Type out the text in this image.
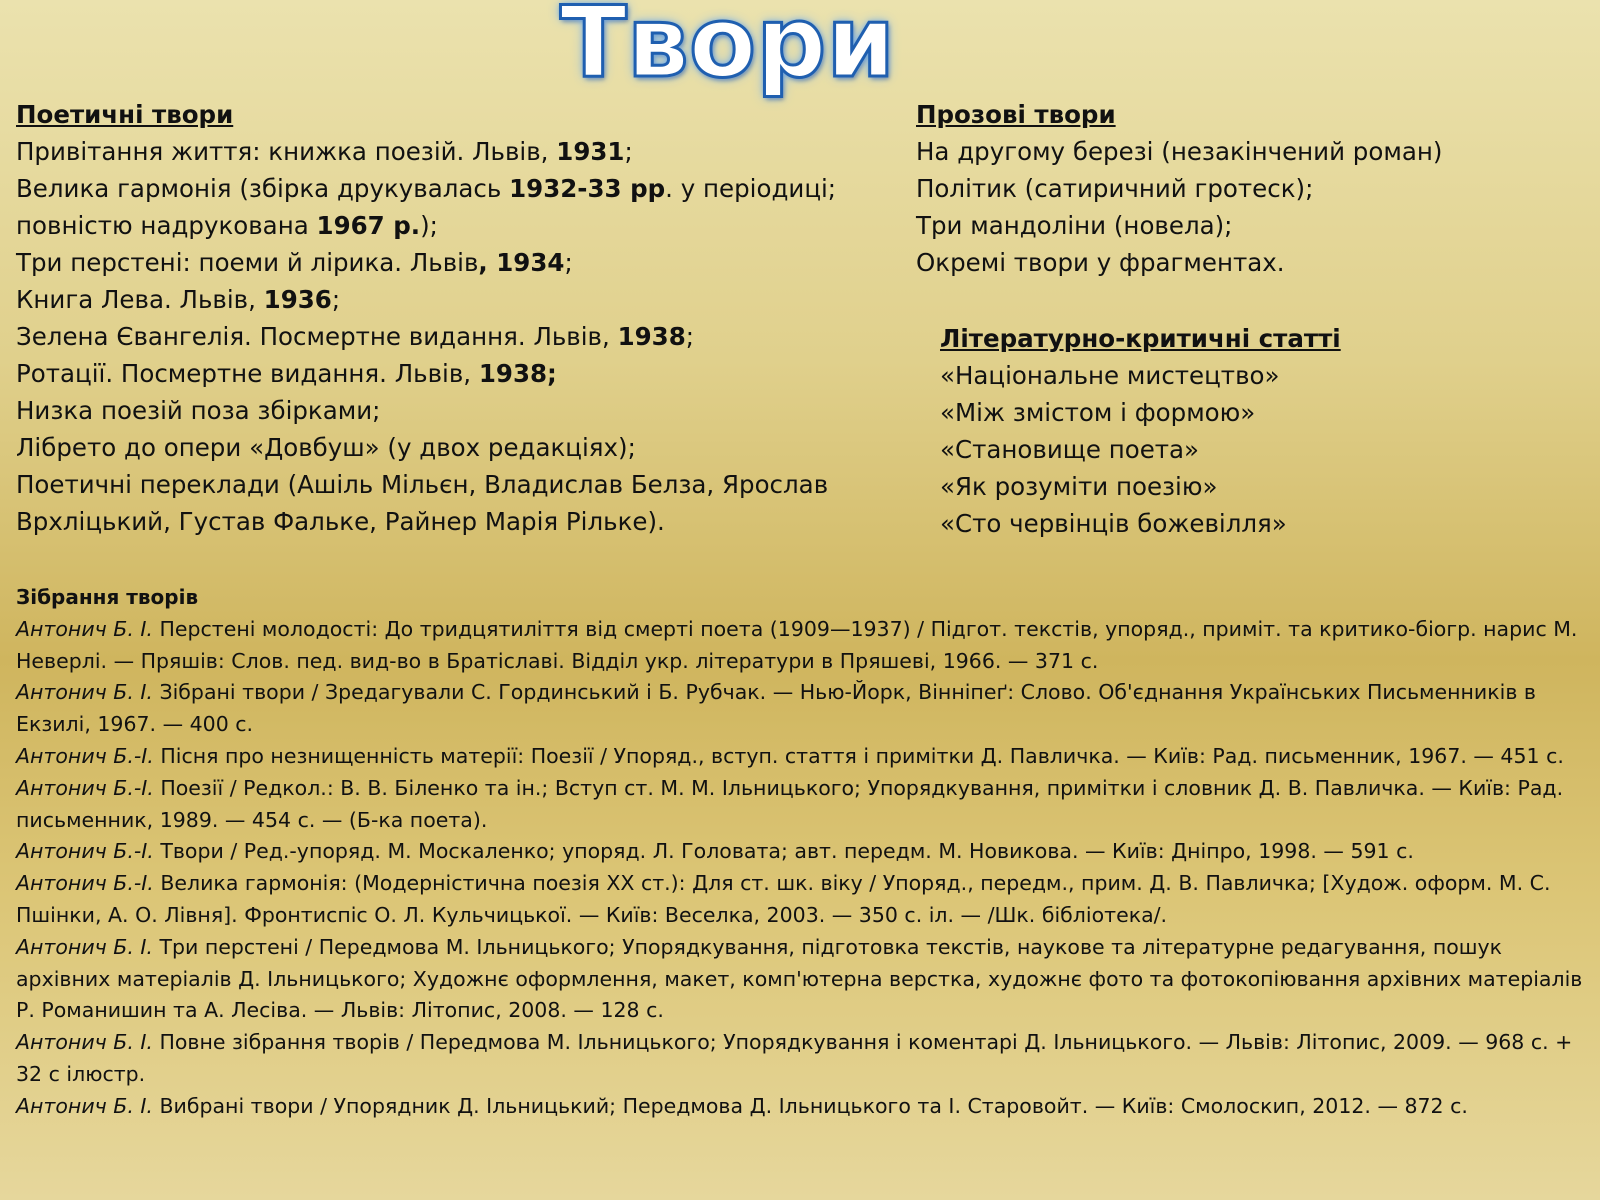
Твори
Поетичні твори
Привітання життя: книжка поезій. Львів, 1931;
Велика гармонія (збірка друкувалась 1932-33 рр. у періодиці;
повністю надрукована 1967 р.);
Три перстені: поеми й лірика. Львів, 1934;
Книга Лева. Львів, 1936;
Зелена Євангелія. Посмертне видання. Львів, 1938;
Ротації. Посмертне видання. Львів, 1938;
Низка поезій поза збірками;
Лібрето до опери «Довбуш» (у двох редакціях);
Поетичні переклади (Ашіль Мільєн, Владислав Белза, Ярослав Врхліцький, Густав Фальке, Райнер Марія Рільке).
Прозові твори
На другому березі (незакінчений роман)
Політик (сатиричний гротеск);
Три мандоліни (новела);
Окремі твори у фрагментах.
Літературно-критичні статті
«Національне мистецтво»
«Між змістом і формою»
«Становище поета»
«Як розуміти поезію»
«Сто червінців божевілля»
Зібрання творів

Антонич Б. І. Перстені молодості: До тридцятиліття від смерті поета (1909—1937) / Підгот. текстів, упоряд., приміт. та критико-біогр. нарис М. Неверлі. — Пряшів: Слов. пед. вид-во в Братіславі. Відділ укр. літератури в Пряшеві, 1966. — 371 с.

Антонич Б. І. Зібрані твори / Зредагували С. Гординський і Б. Рубчак. — Нью-Йорк, Вінніпеґ: Слово. Об'єднання Українських Письменників в Екзилі, 1967. — 400 с.

Антонич Б.-І. Пісня про незнищенність матерії: Поезії / Упоряд., вступ. стаття і примітки Д. Павличка. — Київ: Рад. письменник, 1967. — 451 с.

Антонич Б.-І. Поезії / Редкол.: В. В. Біленко та ін.; Вступ ст. М. М. Ільницького; Упорядкування, примітки і словник Д. В. Павличка. — Київ: Рад. письменник, 1989. — 454 с. — (Б-ка поета).

Антонич Б.-І. Твори / Ред.-упоряд. М. Москаленко; упоряд. Л. Головата; авт. передм. М. Новикова. — Київ: Дніпро, 1998. — 591 с.

Антонич Б.-І. Велика гармонія: (Модерністична поезія ХХ ст.): Для ст. шк. віку / Упоряд., передм., прим. Д. В. Павличка; [Худож. оформ. М. С. Пшінки, А. О. Лівня]. Фронтиспіс О. Л. Кульчицької. — Київ: Веселка, 2003. — 350 с. іл. — /Шк. бібліотека/.

Антонич Б. І. Три перстені / Передмова М. Ільницького; Упорядкування, підготовка текстів, наукове та літературне редагування, пошук архівних матеріалів Д. Ільницького; Художнє оформлення, макет, комп'ютерна верстка, художнє фото та фотокопіювання архівних матеріалів Р. Романишин та А. Лесіва. — Львів: Літопис, 2008. — 128 с.

Антонич Б. І. Повне зібрання творів / Передмова М. Ільницького; Упорядкування і коментарі Д. Ільницького. — Львів: Літопис, 2009. — 968 с. + 32 с ілюстр.

Антонич Б. І. Вибрані твори / Упорядник Д. Ільницький; Передмова Д. Ільницького та І. Старовойт. — Київ: Смолоскип, 2012. — 872 с.
